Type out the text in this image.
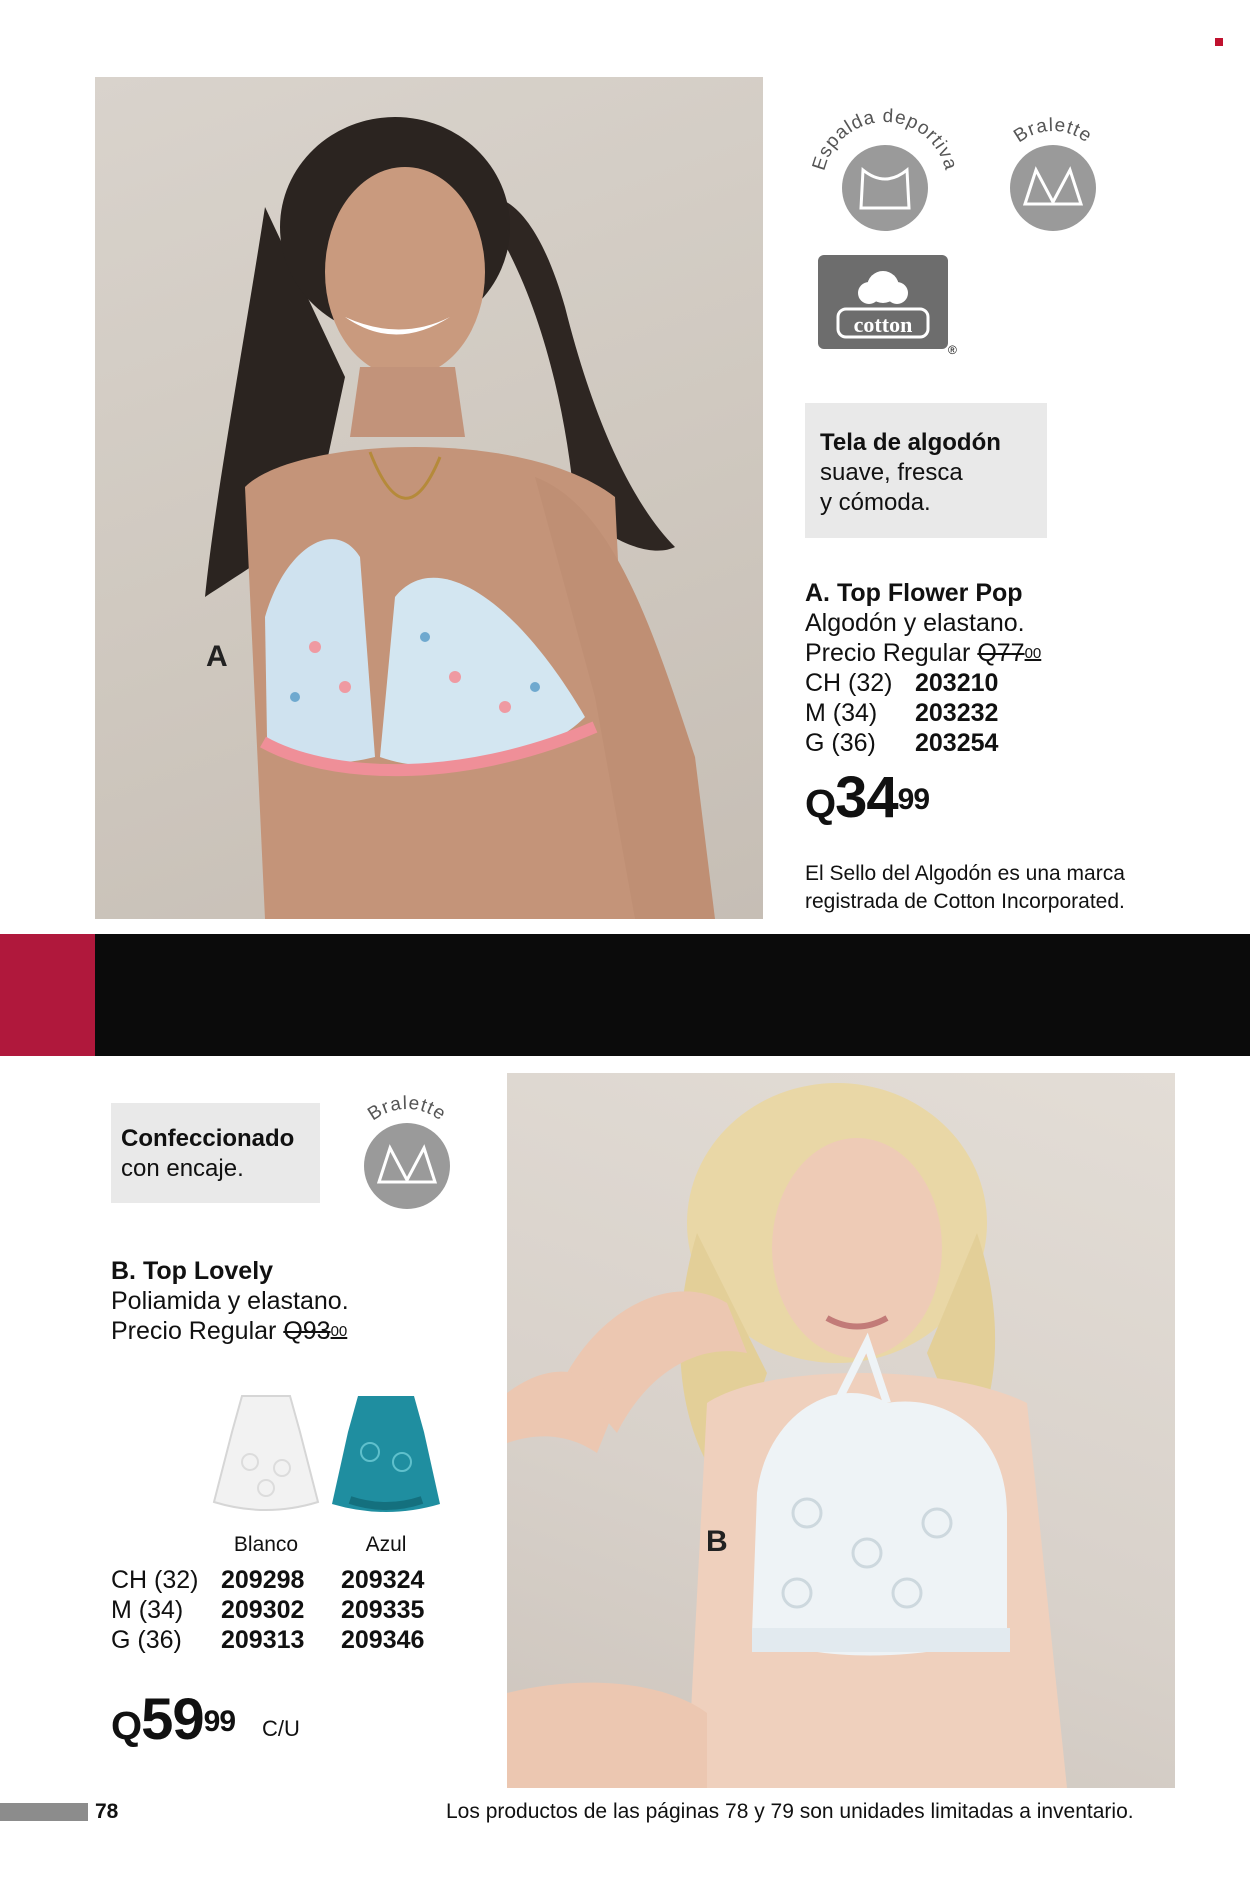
A
Espalda deportiva
Bralette
cotton
®
Tela de algodón
suave, fresca
y cómoda.
A. Top Flower Pop
Algodón y elastano.
Precio Regular $Q77^{00}$
CH (32) 203210
M (34) 203232
G (36) 203254
$Q34^{99}$
El Sello del Algodón es una marca
registrada de Cotton Incorporated.
Confeccionado
con encaje.
Bralette
B. Top Lovely
Poliamida y elastano.
Precio Regular $Q93^{00}$
Blanco	Azul
CH (32) 209298 209324
M (34) 209302 209335
G (36) 209313 209346
$Q59^{99}$ C/U
B
78	Los productos de las páginas 78 y 79 son unidades limitadas a inventario.
